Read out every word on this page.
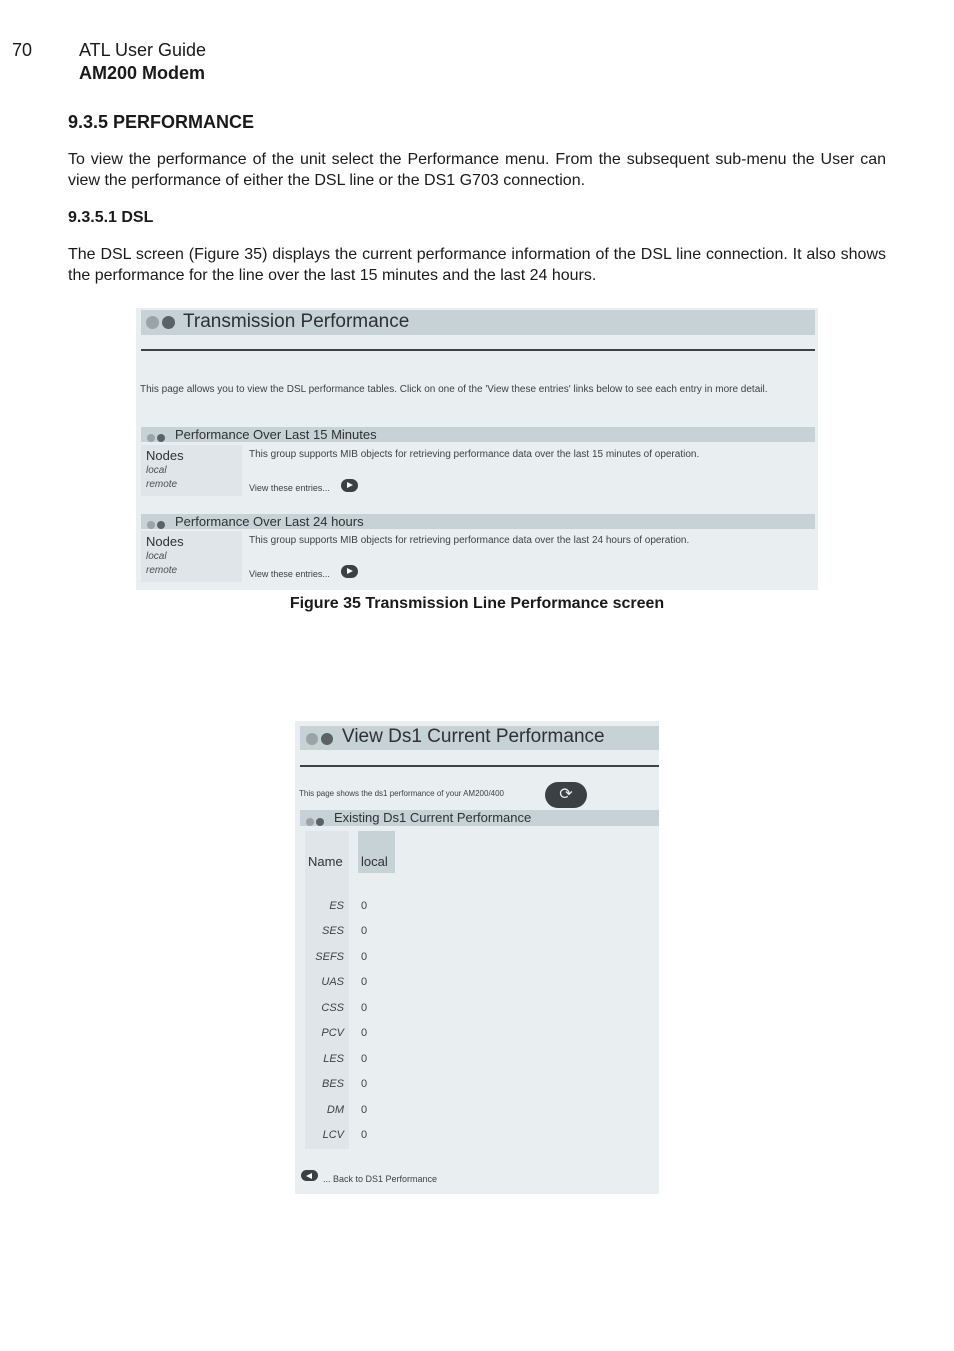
70	ATL User Guide
AM200 Modem
9.3.5 PERFORMANCE
To view the performance of the unit select the Performance menu. From the subsequent sub-menu the User can view the performance of either the DSL line or the DS1 G703 connection.
9.3.5.1 DSL
The DSL screen (Figure 35) displays the current performance information of the DSL line connection. It also shows the performance for the line over the last 15 minutes and the last 24 hours.
Transmission Performance
This page allows you to view the DSL performance tables. Click on one of the 'View these entries' links below to see each entry in more detail.
Performance Over Last 15 Minutes
Nodes
local
remote
This group supports MIB objects for retrieving performance data over the last 15 minutes of operation.
View these entries...
Performance Over Last 24 hours
Nodes
local
remote
This group supports MIB objects for retrieving performance data over the last 24 hours of operation.
View these entries...
Figure 35 Transmission Line Performance screen
View Ds1 Current Performance
This page shows the ds1 performance of your AM200/400	⟳
Existing Ds1 Current Performance
Name local
ES 0
SES 0
SEFS 0
UAS 0
CSS 0
PCV 0
LES 0
BES 0
DM 0
LCV 0
... Back to DS1 Performance
